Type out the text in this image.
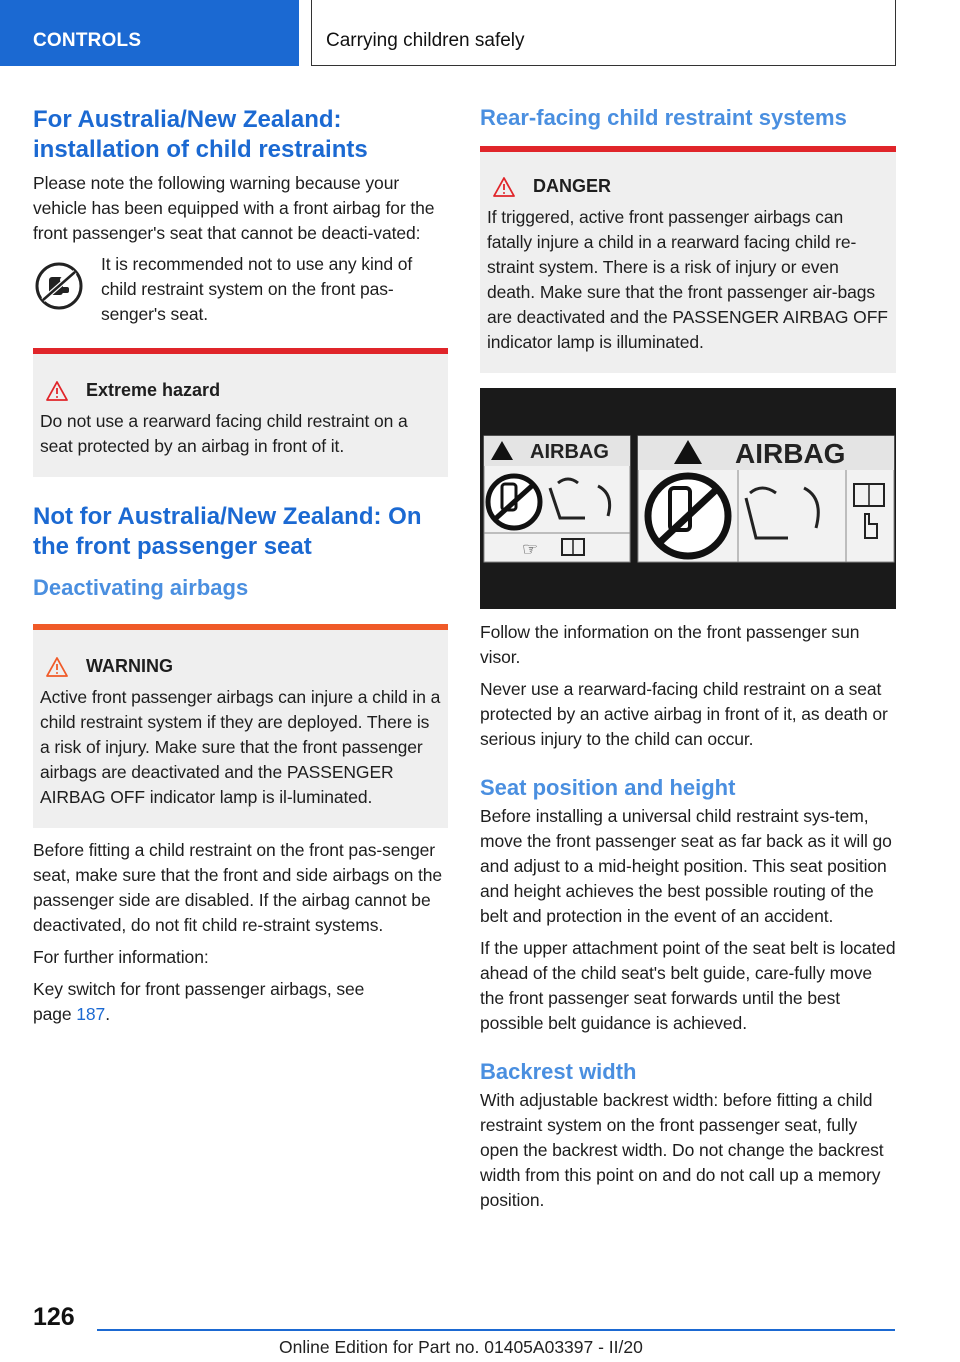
CONTROLS	Carrying children safely
For Australia/New Zealand: installation of child restraints

Please note the following warning because your vehicle has been equipped with a front airbag for the front passenger's seat that cannot be deacti-vated:

It is recommended not to use any kind of child restraint system on the front pas-senger's seat.

Extreme hazard

Do not use a rearward facing child restraint on a seat protected by an airbag in front of it.

Not for Australia/New Zealand: On the front passenger seat
Deactivating airbags
WARNING

Active front passenger airbags can injure a child in a child restraint system if they are deployed. There is a risk of injury. Make sure that the front passenger airbags are deactivated and the PASSENGER AIRBAG OFF indicator lamp is il-luminated.

Before fitting a child restraint on the front pas-senger seat, make sure that the front and side airbags on the passenger side are disabled. If the airbag cannot be deactivated, do not fit child re-straint systems.

For further information:

Key switch for front passenger airbags, see page 187.

Rear-facing child restraint systems
DANGER

If triggered, active front passenger airbags can fatally injure a child in a rearward facing child re-straint system. There is a risk of injury or even death. Make sure that the front passenger air-bags are deactivated and the PASSENGER AIRBAG OFF indicator lamp is illuminated.

AIRBAG
☞
AIRBAG

Follow the information on the front passenger sun visor.

Never use a rearward-facing child restraint on a seat protected by an active airbag in front of it, as death or serious injury to the child can occur.

Seat position and height

Before installing a universal child restraint sys-tem, move the front passenger seat as far back as it will go and adjust to a mid-height position. This seat position and height achieves the best possible routing of the belt and protection in the event of an accident.

If the upper attachment point of the seat belt is located ahead of the child seat's belt guide, care-fully move the front passenger seat forwards until the best possible belt guidance is achieved.

Backrest width

With adjustable backrest width: before fitting a child restraint system on the front passenger seat, fully open the backrest width. Do not change the backrest width from this point on and do not call up a memory position.

126
Online Edition for Part no. 01405A03397 - II/20
